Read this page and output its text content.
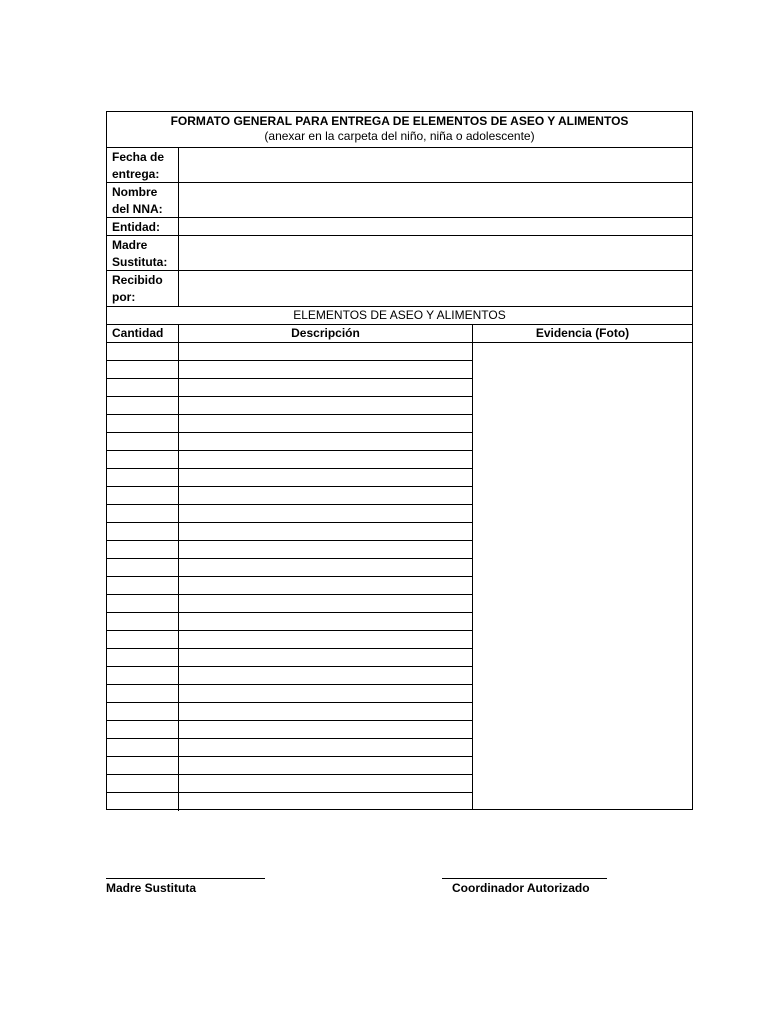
FORMATO GENERAL PARA ENTREGA DE ELEMENTOS DE ASEO Y ALIMENTOS
(anexar en la carpeta del niño, niña o adolescente)
Fecha de
entrega:
Nombre
del NNA:
Entidad:
Madre
Sustituta:
Recibido
por:
ELEMENTOS DE ASEO Y ALIMENTOS
Cantidad	Descripción	Evidencia (Foto)
Madre Sustituta	Coordinador Autorizado
